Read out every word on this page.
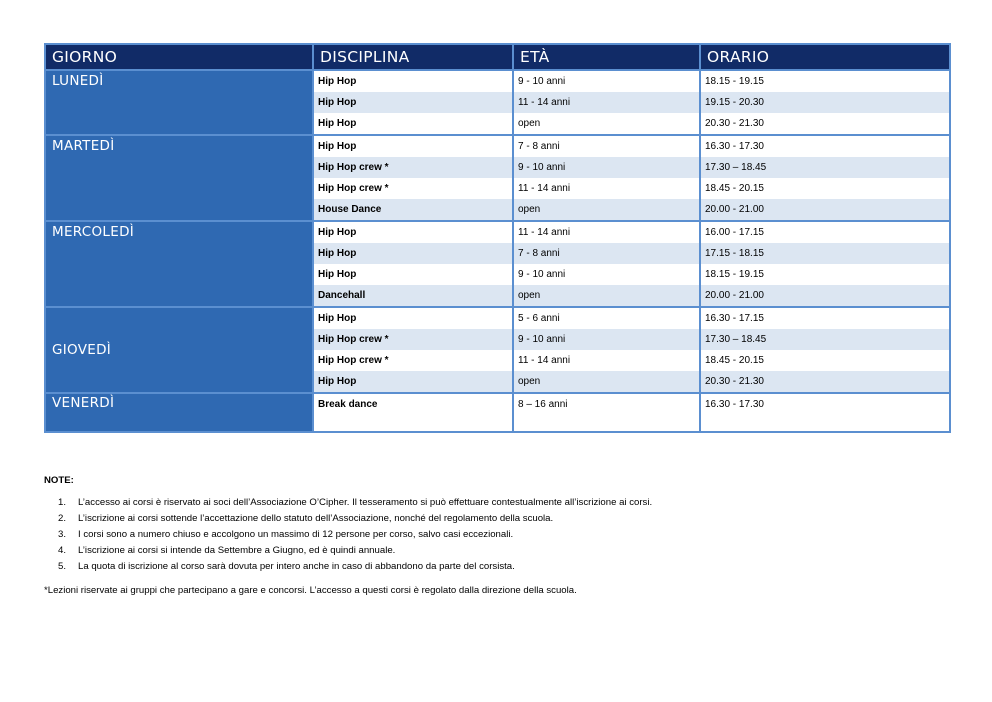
GIORNO	DISCIPLINA	ETÀ	ORARIO
LUNEDÌ	Hip Hop	9 - 10 anni	18.15 - 19.15
	Hip Hop	11 - 14 anni	19.15 - 20.30
	Hip Hop	open	20.30 - 21.30
MARTEDÌ	Hip Hop	7 - 8 anni	16.30 - 17.30
	Hip Hop crew *	9 - 10 anni	17.30 – 18.45
	Hip Hop crew *	11 - 14 anni	18.45 - 20.15
	House Dance	open	20.00 - 21.00
MERCOLEDÌ	Hip Hop	11 - 14 anni	16.00 - 17.15
	Hip Hop	7 - 8 anni	17.15 - 18.15
	Hip Hop	9 - 10 anni	18.15 - 19.15
	Dancehall	open	20.00 - 21.00
GIOVEDÌ	Hip Hop	5 - 6 anni	16.30 - 17.15
	Hip Hop crew *	9 - 10 anni	17.30 – 18.45
	Hip Hop crew *	11 - 14 anni	18.45 - 20.15
	Hip Hop	open	20.30 - 21.30
VENERDÌ	Break dance	8 – 16 anni	16.30 - 17.30
NOTE:
1.	L’accesso ai corsi è riservato ai soci dell’Associazione O’Cipher. Il tesseramento si può effettuare contestualmente all’iscrizione ai corsi.
2.	L’iscrizione ai corsi sottende l’accettazione dello statuto dell’Associazione, nonché del regolamento della scuola.
3.	I corsi sono a numero chiuso e accolgono un massimo di 12 persone per corso, salvo casi eccezionali.
4.	L’iscrizione ai corsi si intende da Settembre a Giugno, ed è quindi annuale.
5.	La quota di iscrizione al corso sarà dovuta per intero anche in caso di abbandono da parte del corsista.
*Lezioni riservate ai gruppi che partecipano a gare e concorsi. L’accesso a questi corsi è regolato dalla direzione della scuola.
